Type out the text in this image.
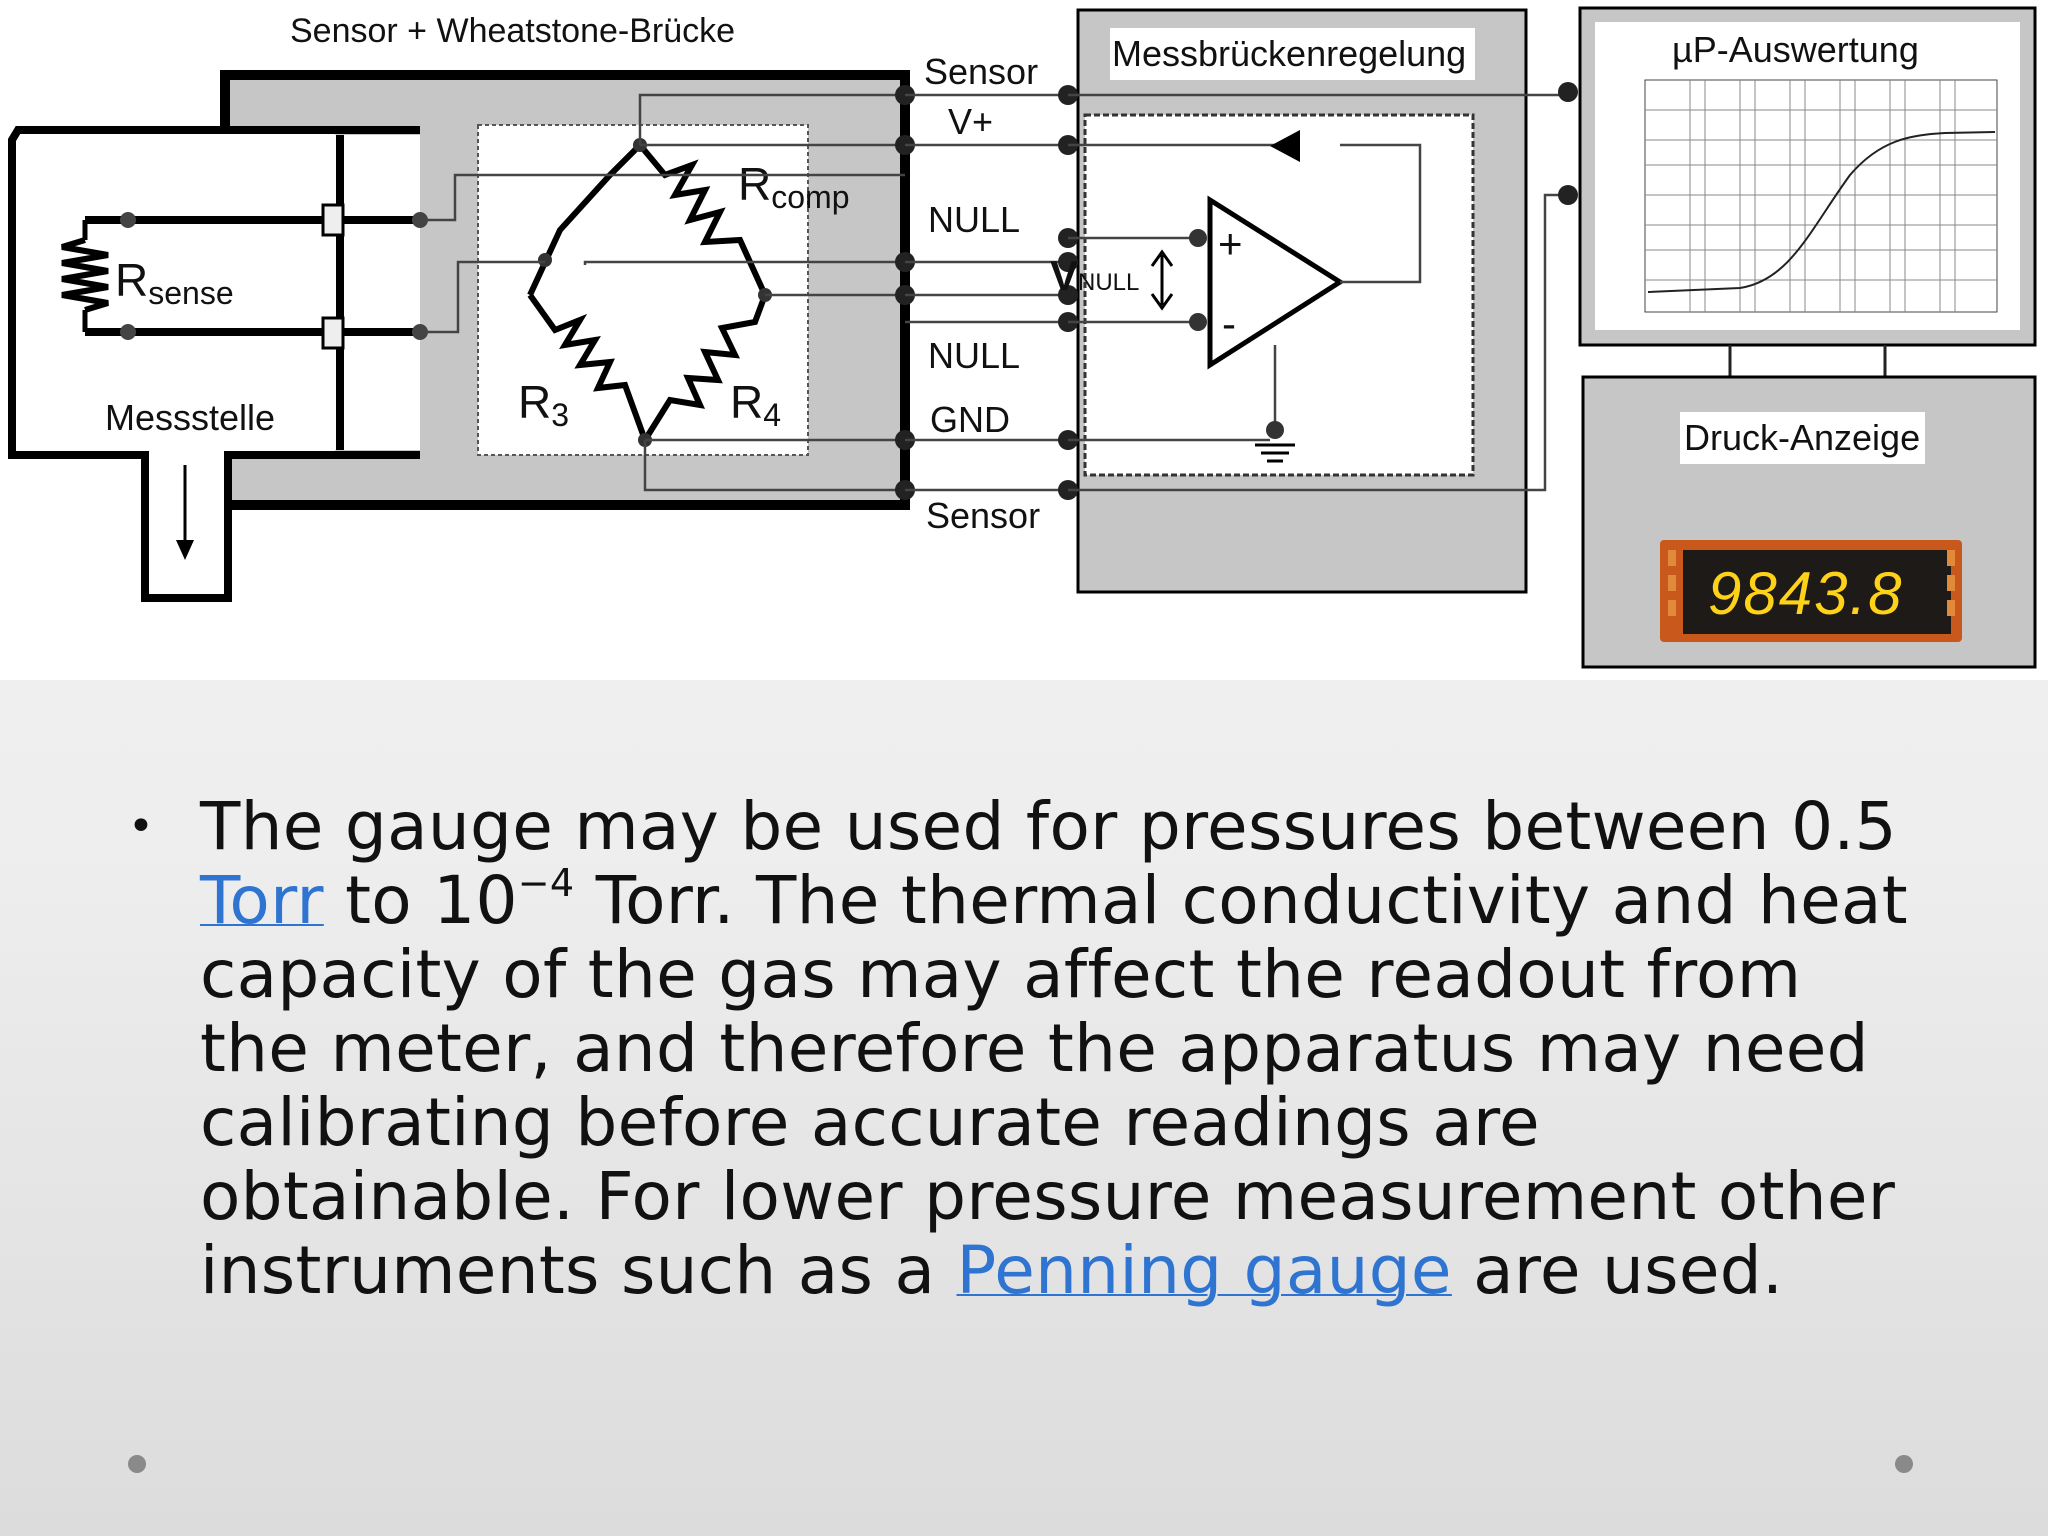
Sensor + Wheatstone-Brücke
Rsense
Messstelle
Rcomp
R3	R4
Sensor
V+
NULL
NULL
GND
Sensor
Messbrückenregelung
+
-
VNULL
µP-Auswertung
Druck-Anzeige
9843.8
• The gauge may be used for pressures between 0.5 Torr to $10^{-4}$ Torr. The thermal conductivity and heat capacity of the gas may affect the readout from the meter, and therefore the apparatus may need calibrating before accurate readings are obtainable. For lower pressure measurement other instruments such as a Penning gauge are used.
